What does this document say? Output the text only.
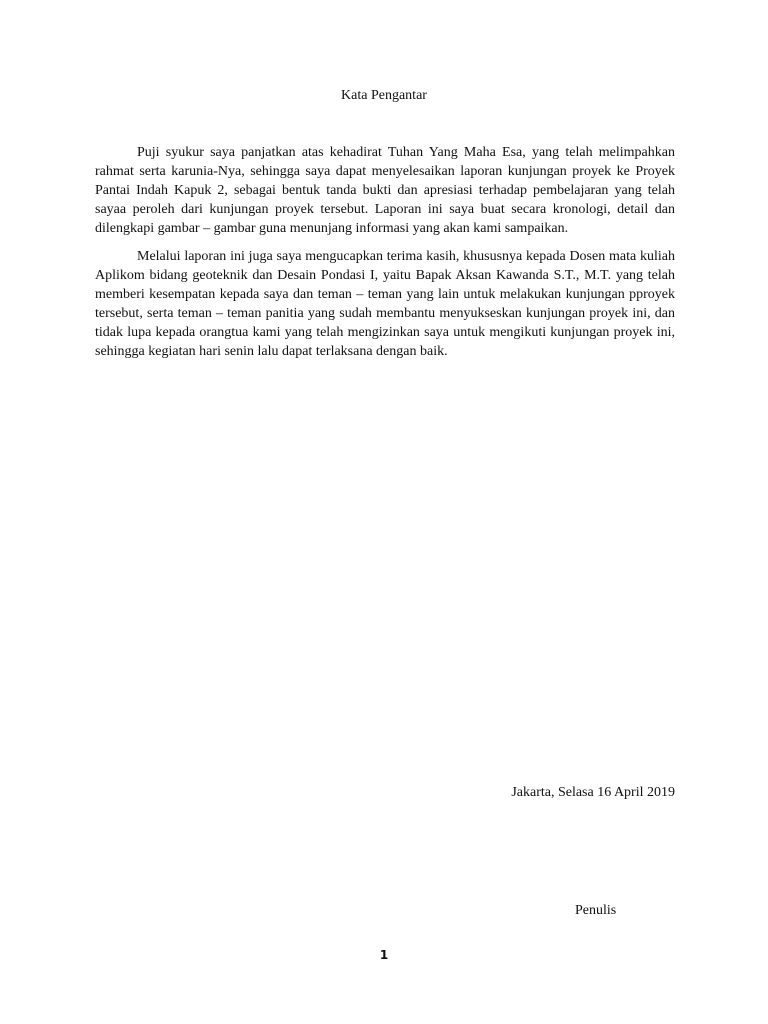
Kata Pengantar

Puji syukur saya panjatkan atas kehadirat Tuhan Yang Maha Esa, yang telah melimpahkan rahmat serta karunia-Nya, sehingga saya dapat menyelesaikan laporan kunjungan proyek ke Proyek Pantai Indah Kapuk 2, sebagai bentuk tanda bukti dan apresiasi terhadap pembelajaran yang telah sayaa peroleh dari kunjungan proyek tersebut. Laporan ini saya buat secara kronologi, detail dan dilengkapi gambar – gambar guna menunjang informasi yang akan kami sampaikan.

Melalui laporan ini juga saya mengucapkan terima kasih, khususnya kepada Dosen mata kuliah Aplikom bidang geoteknik dan Desain Pondasi I, yaitu Bapak Aksan Kawanda S.T., M.T. yang telah memberi kesempatan kepada saya dan teman – teman yang lain untuk melakukan kunjungan pproyek tersebut, serta teman – teman panitia yang sudah membantu menyukseskan kunjungan proyek ini, dan tidak lupa kepada orangtua kami yang telah mengizinkan saya untuk mengikuti kunjungan proyek ini, sehingga kegiatan hari senin lalu dapat terlaksana dengan baik.

Jakarta, Selasa 16 April 2019

Penulis

1
